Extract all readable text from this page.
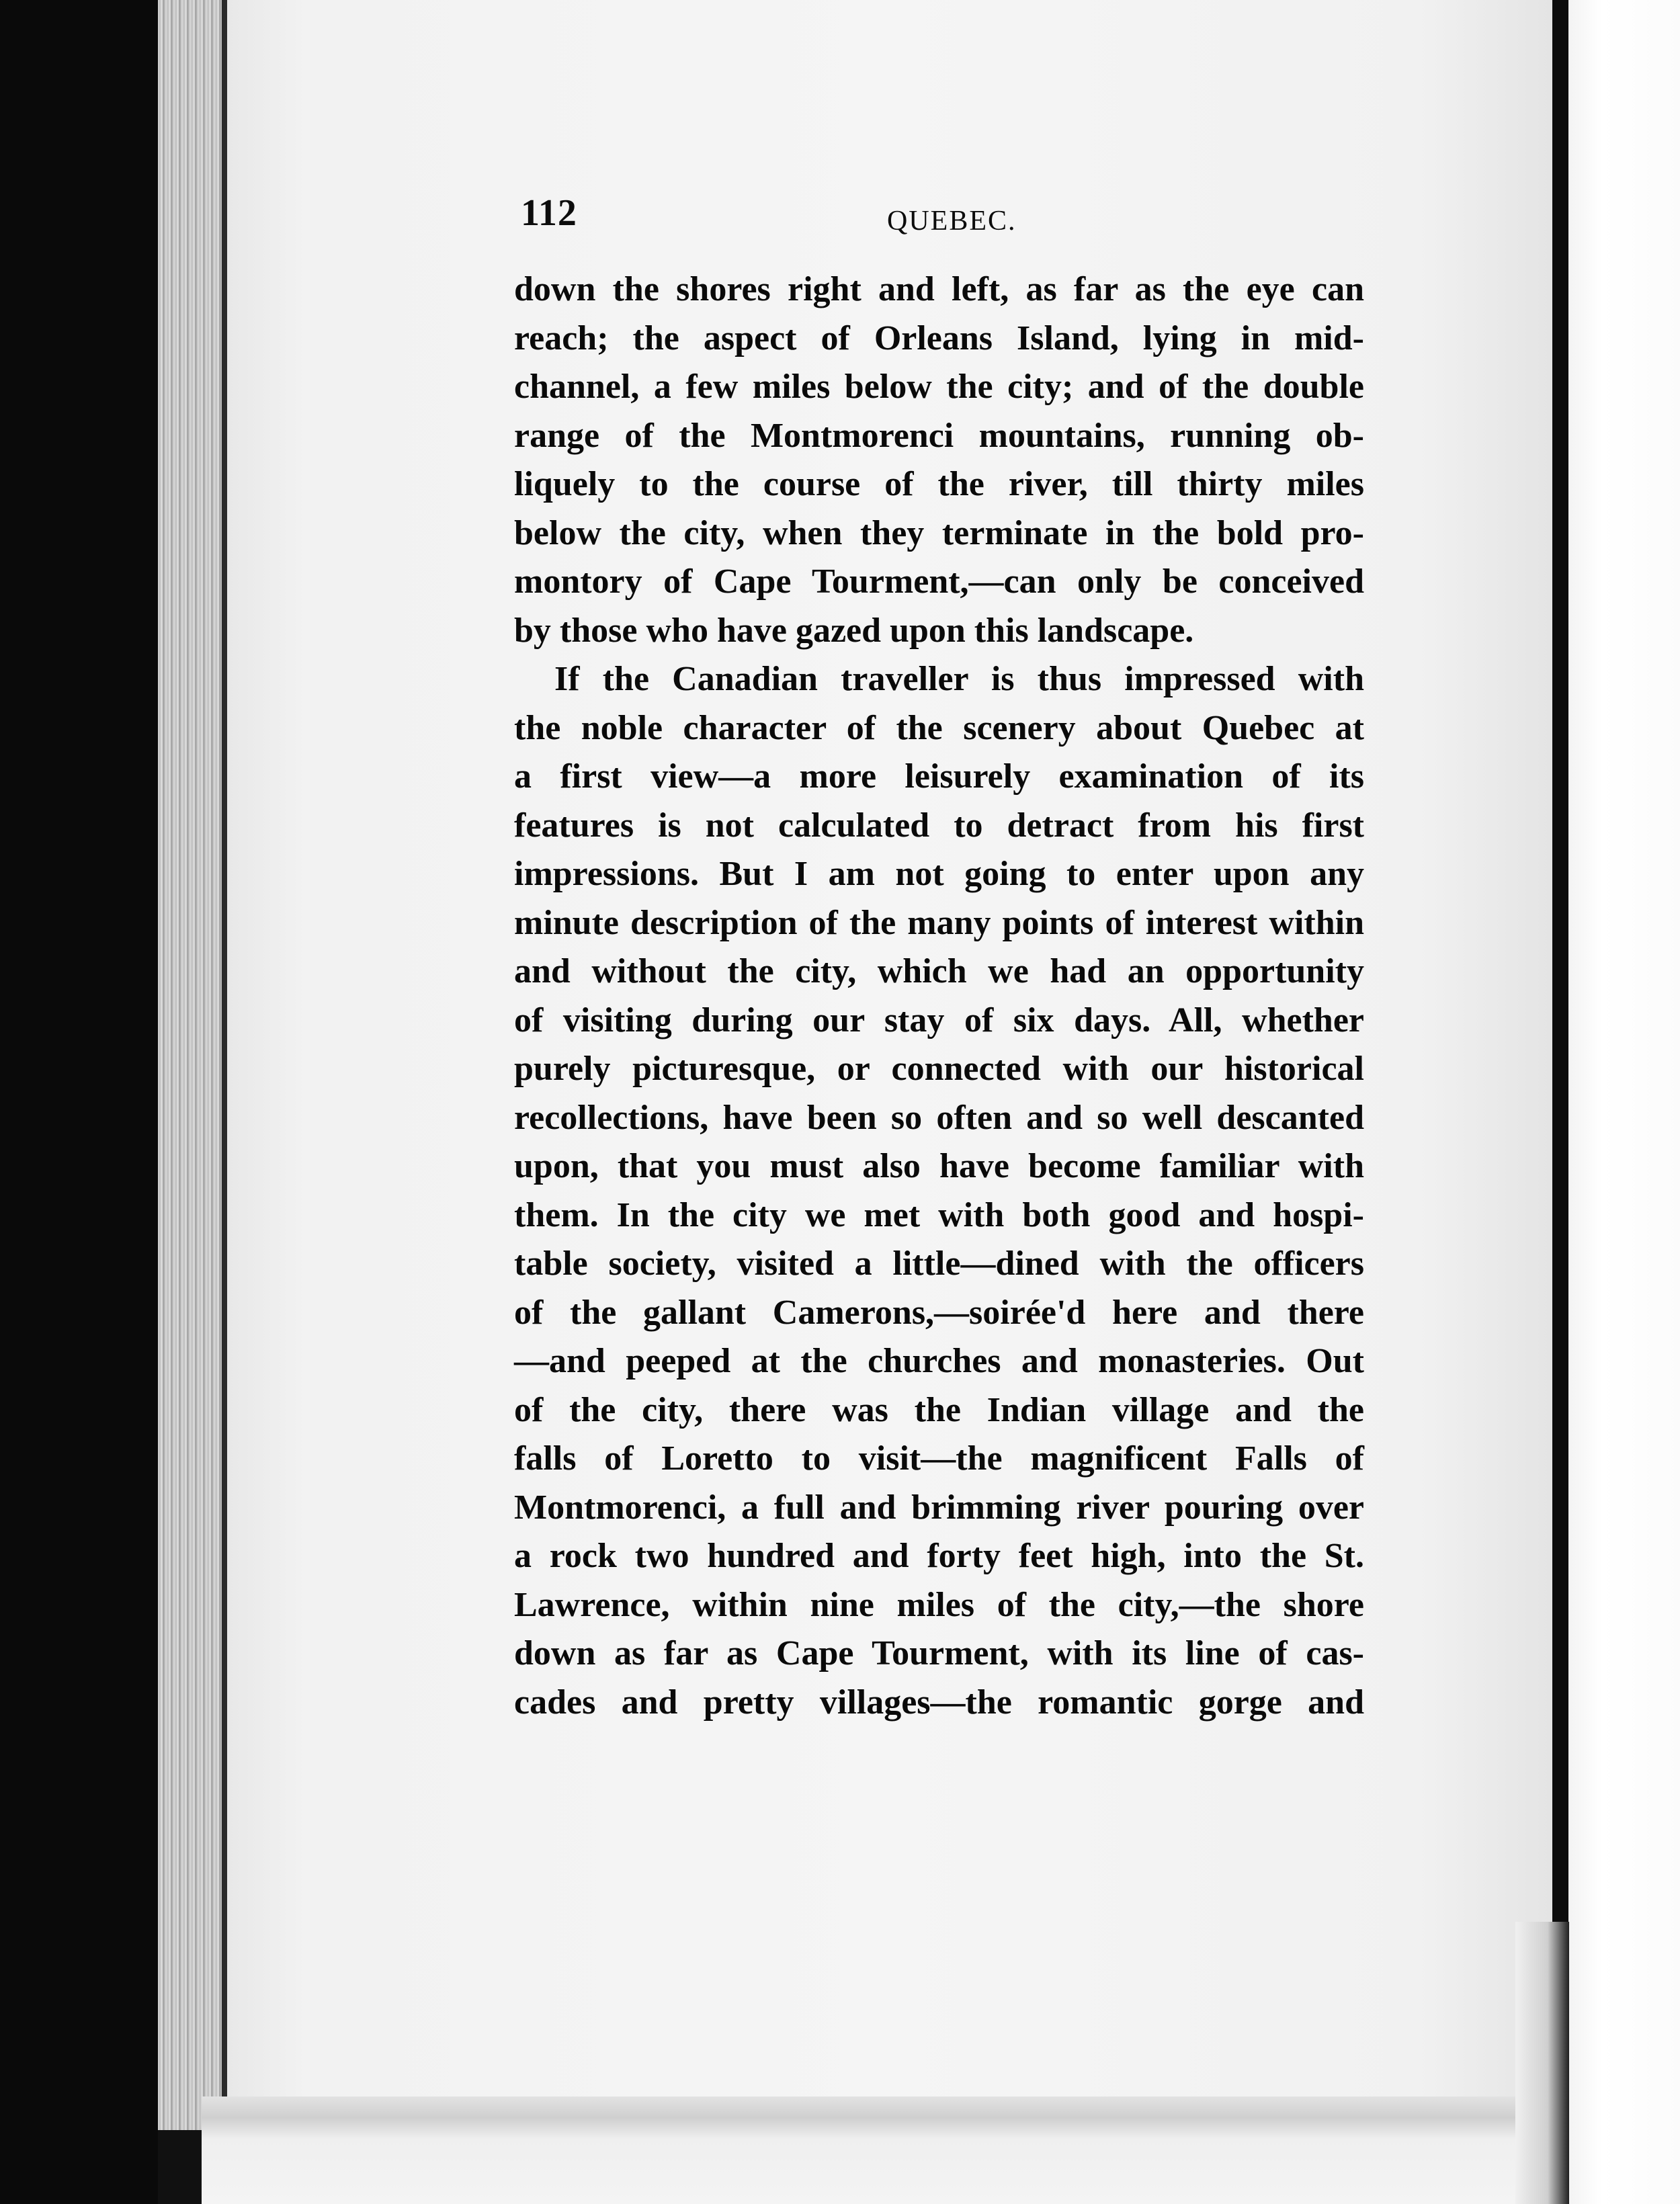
112	QUEBEC.
down the shores right and left, as far as the eye can
reach; the aspect of Orleans Island, lying in mid-
channel, a few miles below the city; and of the double
range of the Montmorenci mountains, running ob-
liquely to the course of the river, till thirty miles
below the city, when they terminate in the bold pro-
montory of Cape Tourment,—can only be conceived
by those who have gazed upon this landscape.
If the Canadian traveller is thus impressed with
the noble character of the scenery about Quebec at
a first view—a more leisurely examination of its
features is not calculated to detract from his first
impressions. But I am not going to enter upon any
minute description of the many points of interest within
and without the city, which we had an opportunity
of visiting during our stay of six days. All, whether
purely picturesque, or connected with our historical
recollections, have been so often and so well descanted
upon, that you must also have become familiar with
them. In the city we met with both good and hospi-
table society, visited a little—dined with the officers
of the gallant Camerons,—soirée'd here and there
—and peeped at the churches and monasteries. Out
of the city, there was the Indian village and the
falls of Loretto to visit—the magnificent Falls of
Montmorenci, a full and brimming river pouring over
a rock two hundred and forty feet high, into the St.
Lawrence, within nine miles of the city,—the shore
down as far as Cape Tourment, with its line of cas-
cades and pretty villages—the romantic gorge and
